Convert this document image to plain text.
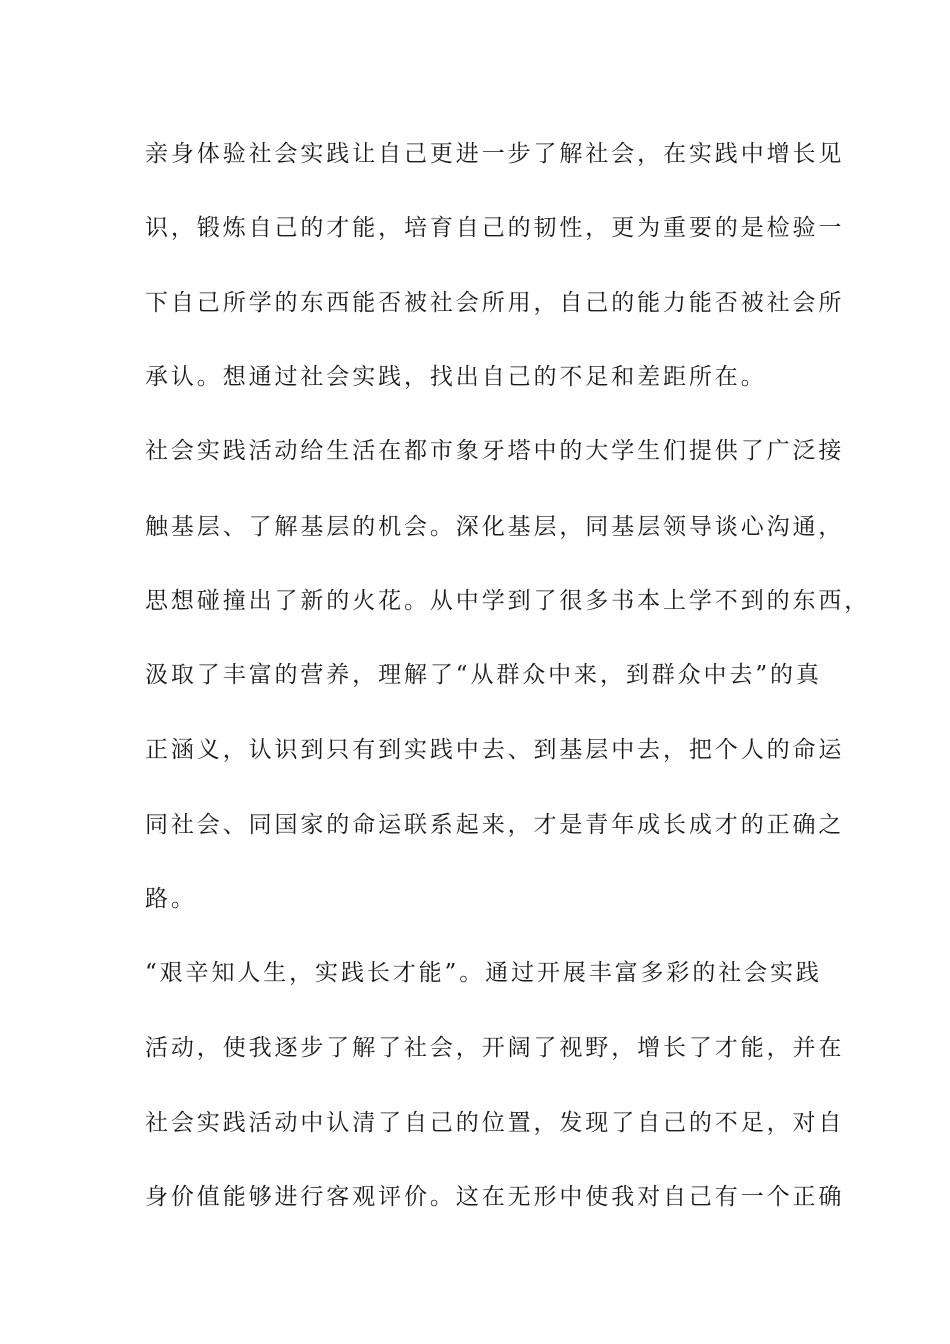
亲身体验社会实践让自己更进一步了解社会，在实践中增长见
识，锻炼自己的才能，培育自己的韧性，更为重要的是检验一
下自己所学的东西能否被社会所用，自己的能力能否被社会所
承认。想通过社会实践，找出自己的不足和差距所在。
社会实践活动给生活在都市象牙塔中的大学生们提供了广泛接
触基层、了解基层的机会。深化基层，同基层领导谈心沟通，
思想碰撞出了新的火花。从中学到了很多书本上学不到的东西，
汲取了丰富的营养，理解了“从群众中来，到群众中去”的真
正涵义，认识到只有到实践中去、到基层中去，把个人的命运
同社会、同国家的命运联系起来，才是青年成长成才的正确之
路。
“艰辛知人生，实践长才能”。通过开展丰富多彩的社会实践
活动，使我逐步了解了社会，开阔了视野，增长了才能，并在
社会实践活动中认清了自己的位置，发现了自己的不足，对自
身价值能够进行客观评价。这在无形中使我对自己有一个正确
